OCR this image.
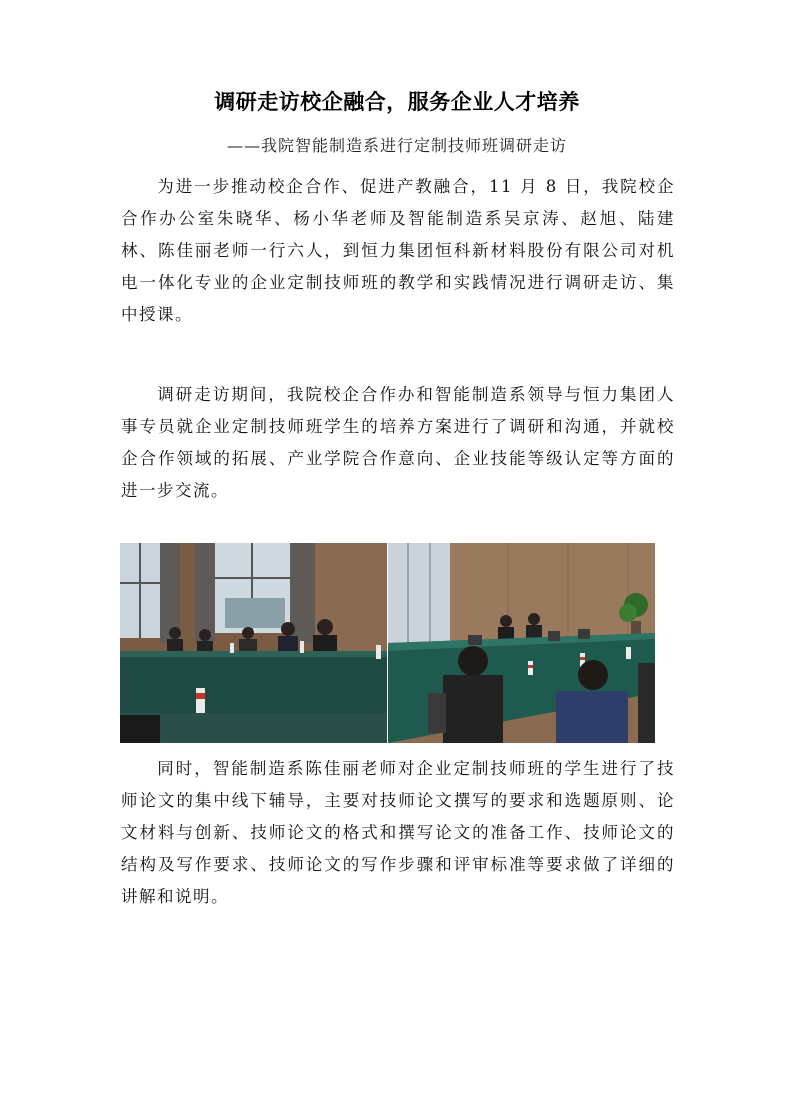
调研走访校企融合，服务企业人才培养
——我院智能制造系进行定制技师班调研走访

为进一步推动校企合作、促进产教融合，11 月 8 日，我院校企合作办公室朱晓华、杨小华老师及智能制造系吴京涛、赵旭、陆建林、陈佳丽老师一行六人，到恒力集团恒科新材料股份有限公司对机电一体化专业的企业定制技师班的教学和实践情况进行调研走访、集中授课。

调研走访期间，我院校企合作办和智能制造系领导与恒力集团人事专员就企业定制技师班学生的培养方案进行了调研和沟通，并就校企合作领域的拓展、产业学院合作意向、企业技能等级认定等方面的进一步交流。

同时，智能制造系陈佳丽老师对企业定制技师班的学生进行了技师论文的集中线下辅导，主要对技师论文撰写的要求和选题原则、论文材料与创新、技师论文的格式和撰写论文的准备工作、技师论文的结构及写作要求、技师论文的写作步骤和评审标准等要求做了详细的讲解和说明。
